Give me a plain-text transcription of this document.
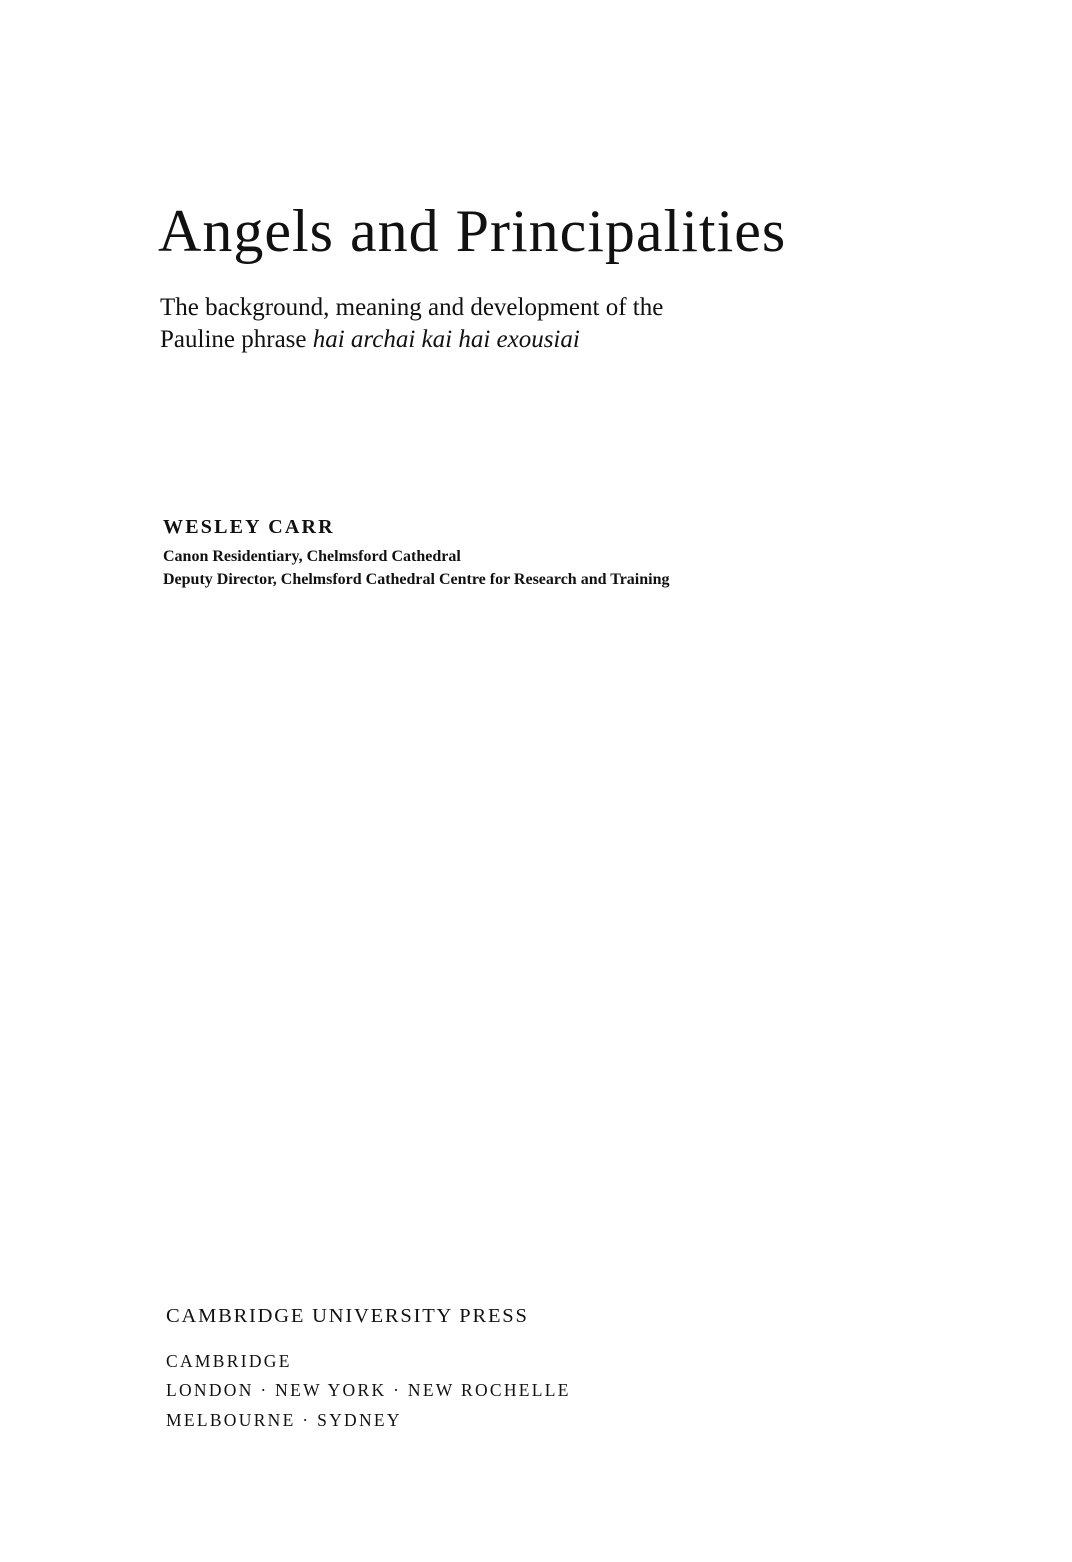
Angels and Principalities
The background, meaning and development of the
Pauline phrase hai archai kai hai exousiai
WESLEY CARR
Canon Residentiary, Chelmsford Cathedral
Deputy Director, Chelmsford Cathedral Centre for Research and Training
CAMBRIDGE UNIVERSITY PRESS
CAMBRIDGE
LONDON · NEW YORK · NEW ROCHELLE
MELBOURNE · SYDNEY
